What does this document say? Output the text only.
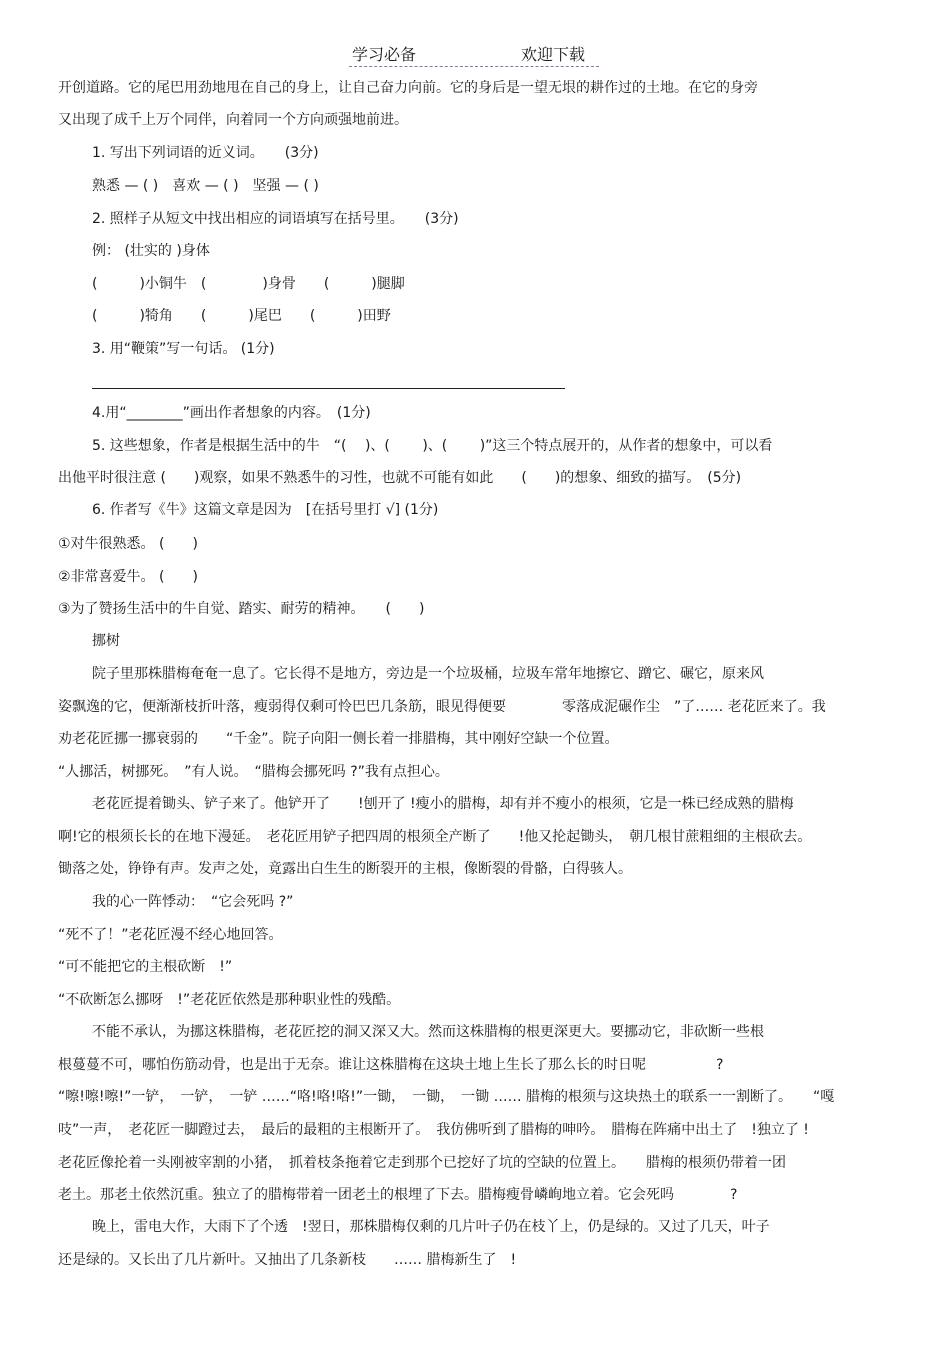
学习必备	欢迎下载
开创道路。它的尾巴用劲地甩在自己的身上，让自己奋力向前。它的身后是一望无垠的耕作过的土地。在它的身旁
又出现了成千上万个同伴，向着同一个方向顽强地前进。
1. 写出下列词语的近义词。　　(3分)
熟悉 — ( )　喜欢 — ( )　坚强 — ( )
2. 照样子从短文中找出相应的词语填写在括号里。　　(3分)
例： (壮实的 )身体
(　　　)小铜牛　(　　　　)身骨　　(　　　)腿脚
(　　　)犄角　　(　　　)尾巴　　(　　　)田野
3. 用“鞭策”写一句话。 (1分)
4.用“________”画出作者想象的内容。　(1分)
5. 这些想象，作者是根据生活中的牛　“(　 )、(　 　)、(　 　)”这三个特点展开的，从作者的想象中，可以看
出他平时很注意 (　　)观察，如果不熟悉牛的习性，也就不可能有如此　　(　　)的想象、细致的描写。　(5分)
6. 作者写《牛》这篇文章是因为　[在括号里打 √] (1分)
①对牛很熟悉。 (　　)
②非常喜爱牛。 (　　)
③为了赞扬生活中的牛自觉、踏实、耐劳的精神。　　(　　)
挪树
院子里那株腊梅奄奄一息了。它长得不是地方，旁边是一个垃圾桶，垃圾车常年地擦它、蹭它、碾它，原来风
姿飘逸的它，便渐渐枝折叶落，瘦弱得仅剩可怜巴巴几条筋，眼见得便要　　　　零落成泥碾作尘　”了…… 老花匠来了。我
劝老花匠挪一挪衰弱的　　“千金”。院子向阳一侧长着一排腊梅，其中刚好空缺一个位置。
“人挪活，树挪死。　”有人说。　“腊梅会挪死吗 ?”我有点担心。
老花匠提着锄头、铲子来了。他铲开了　　!刨开了 !瘦小的腊梅，却有并不瘦小的根须，它是一株已经成熟的腊梅
啊!它的根须长长的在地下漫延。　老花匠用铲子把四周的根须全产断了　　!他又抡起锄头，　朝几根甘蔗粗细的主根砍去。
锄落之处，铮铮有声。发声之处，竟露出白生生的断裂开的主根，像断裂的骨骼，白得骇人。
我的心一阵悸动：　“它会死吗 ?”
“死不了！”老花匠漫不经心地回答。
“可不能把它的主根砍断　!”
“不砍断怎么挪呀　!”老花匠依然是那种职业性的残酷。
不能不承认，为挪这株腊梅，老花匠挖的洞又深又大。然而这株腊梅的根更深更大。要挪动它，非砍断一些根
根蔓蔓不可，哪怕伤筋动骨，也是出于无奈。谁让这株腊梅在这块土地上生长了那么长的时日呢　　　　　?
“嚓!嚓!嚓!”一铲，　一铲，　一铲 ……“咯!咯!咯!”一锄，　一锄，　一锄 …… 腊梅的根须与这块热土的联系一一割断了。　　“嘎
吱”一声，　老花匠一脚蹬过去，　最后的最粗的主根断开了。　我仿佛听到了腊梅的呻吟。　腊梅在阵痛中出土了　!独立了 !
老花匠像抡着一头刚被宰割的小猪，　抓着枝条拖着它走到那个已挖好了坑的空缺的位置上。　　腊梅的根须仍带着一团
老土。那老土依然沉重。独立了的腊梅带着一团老土的根埋了下去。腊梅瘦骨嶙峋地立着。它会死吗　　　　?
晚上，雷电大作，大雨下了个透　!翌日，那株腊梅仅剩的几片叶子仍在枝丫上，仍是绿的。又过了几天，叶子
还是绿的。又长出了几片新叶。又抽出了几条新枝　　…… 腊梅新生了　!
